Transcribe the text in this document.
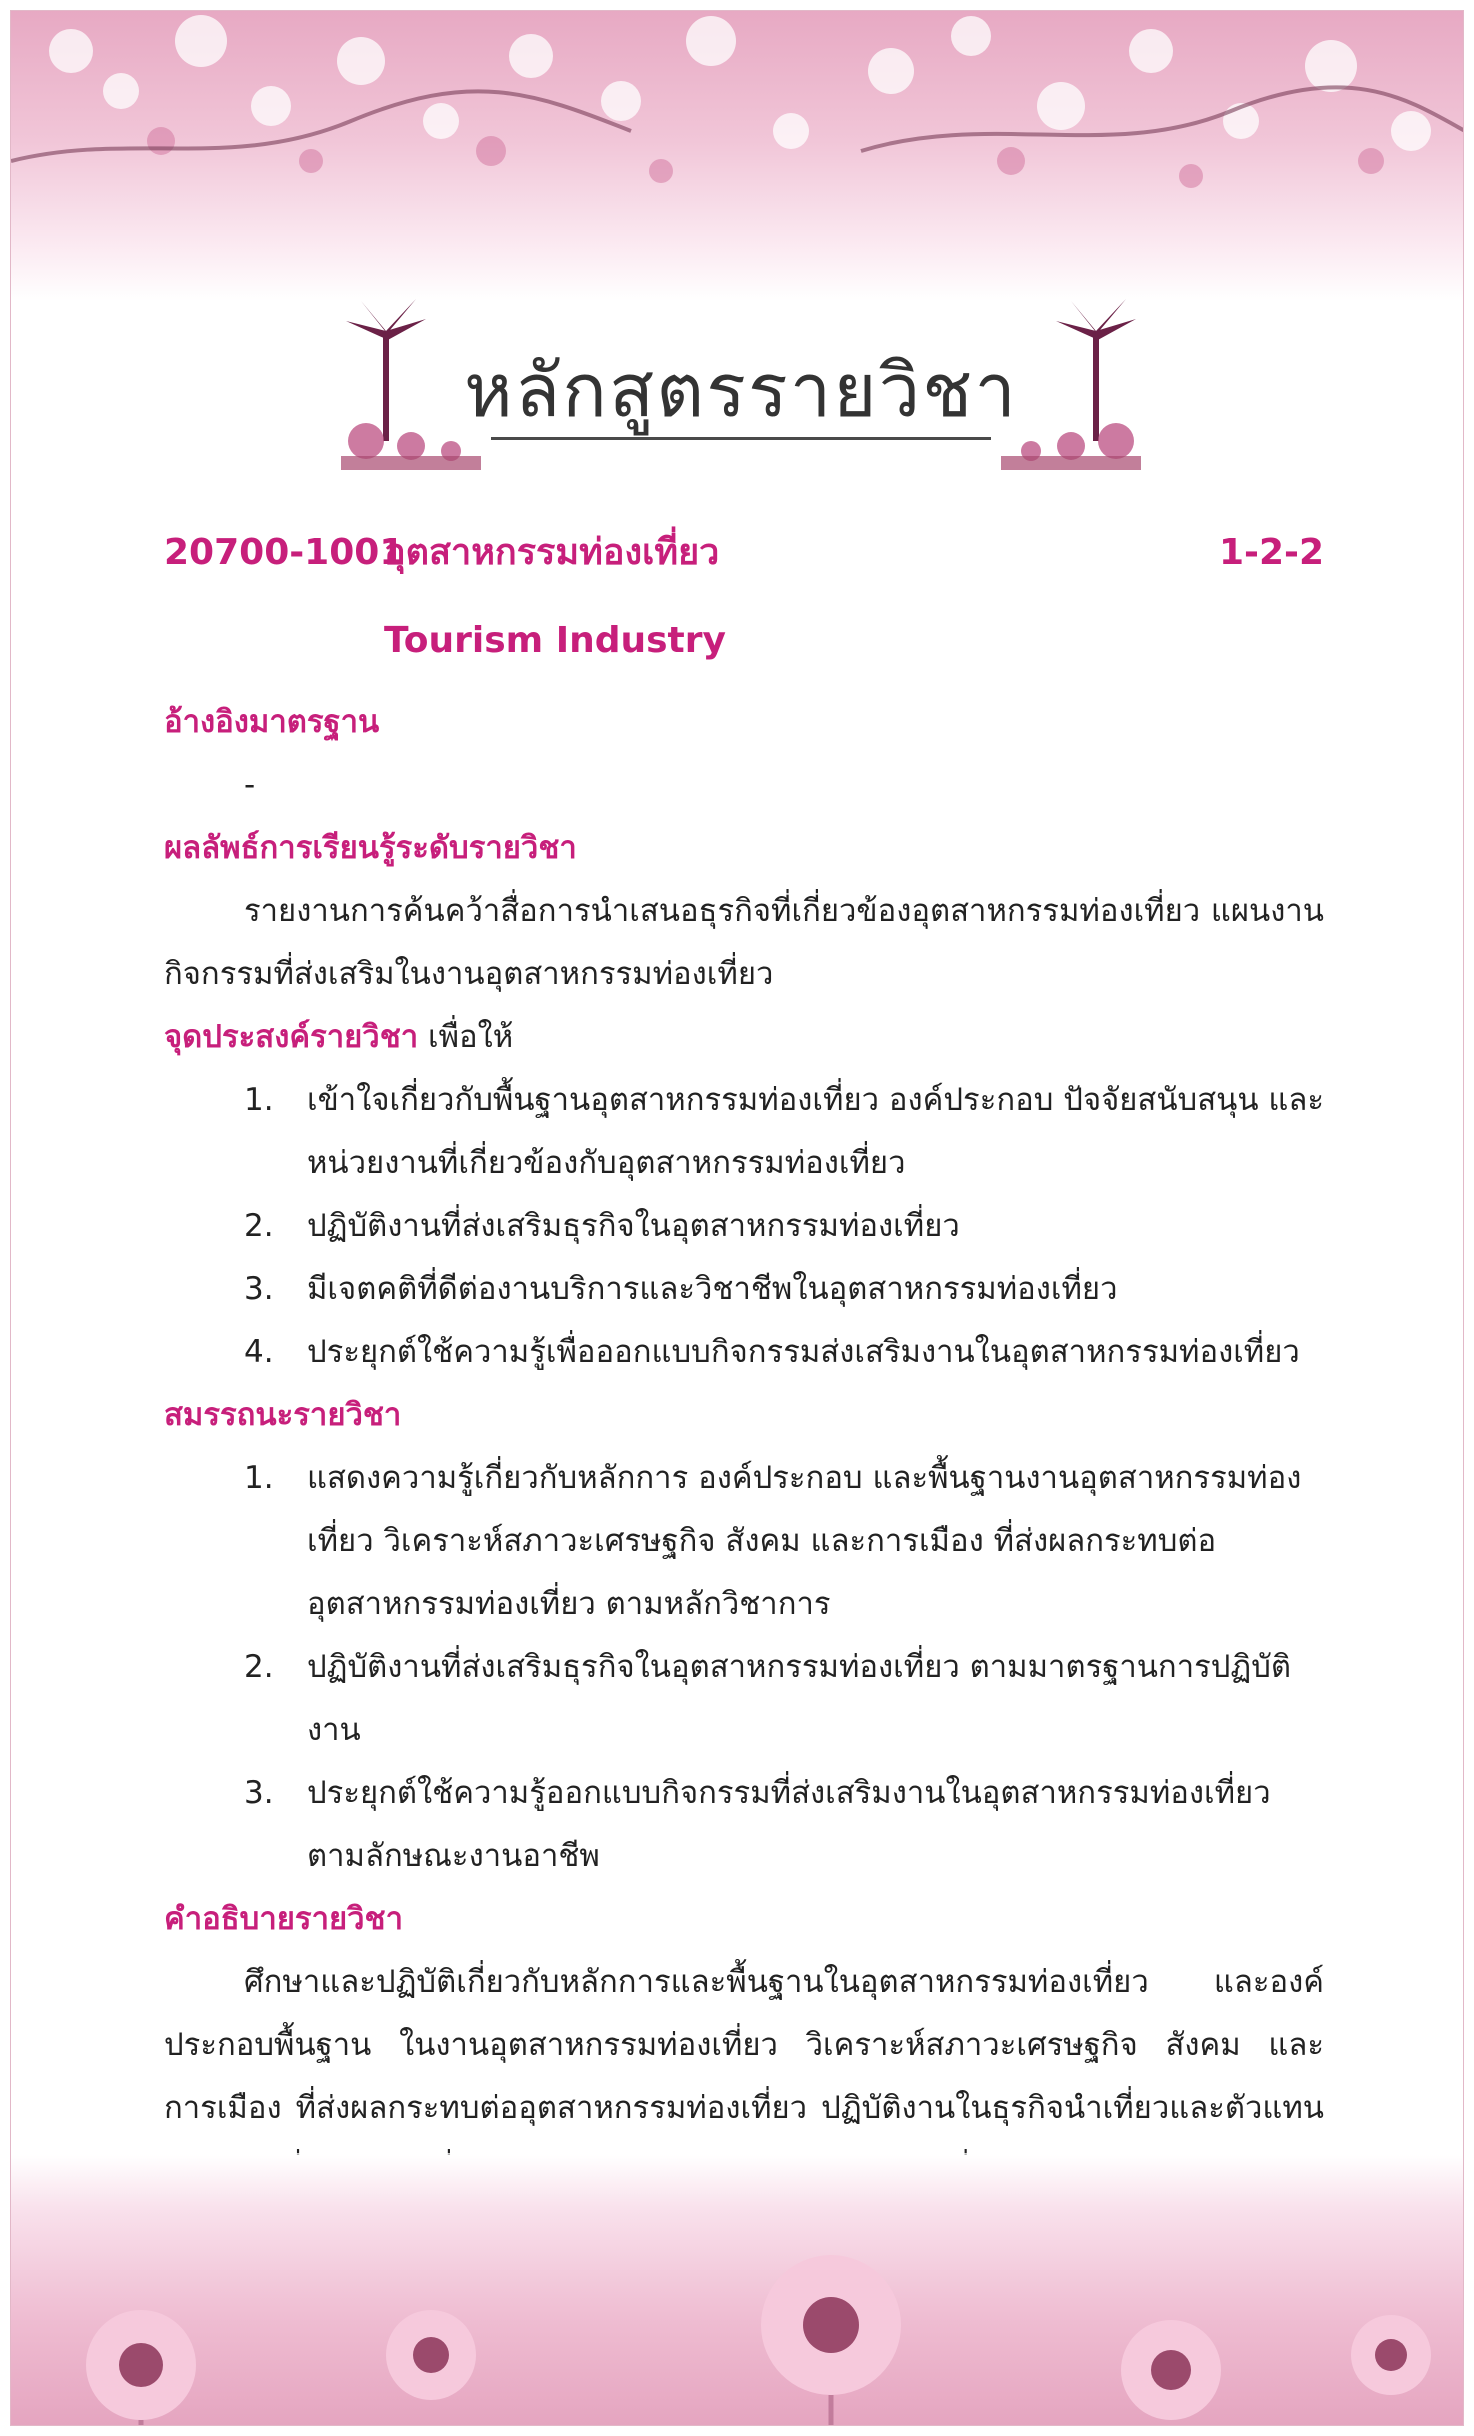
หลักสูตรรายวิชา
20700-1001
อุตสาหกรรมท่องเที่ยว	1-2-2
Tourism Industry
อ้างอิงมาตรฐาน
-
ผลลัพธ์การเรียนรู้ระดับรายวิชา
รายงานการค้นคว้าสื่อการนำเสนอธุรกิจที่เกี่ยวข้องอุตสาหกรรมท่องเที่ยว แผนงานกิจกรรมที่ส่งเสริมในงานอุตสาหกรรมท่องเที่ยว
จุดประสงค์รายวิชา เพื่อให้
1. เข้าใจเกี่ยวกับพื้นฐานอุตสาหกรรมท่องเที่ยว องค์ประกอบ ปัจจัยสนับสนุน และหน่วยงานที่เกี่ยวข้องกับอุตสาหกรรมท่องเที่ยว
2. ปฏิบัติงานที่ส่งเสริมธุรกิจในอุตสาหกรรมท่องเที่ยว
3. มีเจตคติที่ดีต่องานบริการและวิชาชีพในอุตสาหกรรมท่องเที่ยว
4. ประยุกต์ใช้ความรู้เพื่อออกแบบกิจกรรมส่งเสริมงานในอุตสาหกรรมท่องเที่ยว
สมรรถนะรายวิชา
1. แสดงความรู้เกี่ยวกับหลักการ องค์ประกอบ และพื้นฐานงานอุตสาหกรรมท่องเที่ยว วิเคราะห์สภาวะเศรษฐกิจ สังคม และการเมือง ที่ส่งผลกระทบต่ออุตสาหกรรมท่องเที่ยว ตามหลักวิชาการ
2. ปฏิบัติงานที่ส่งเสริมธุรกิจในอุตสาหกรรมท่องเที่ยว ตามมาตรฐานการปฏิบัติงาน
3. ประยุกต์ใช้ความรู้ออกแบบกิจกรรมที่ส่งเสริมงานในอุตสาหกรรมท่องเที่ยวตามลักษณะงานอาชีพ
คำอธิบายรายวิชา
ศึกษาและปฏิบัติเกี่ยวกับหลักการและพื้นฐานในอุตสาหกรรมท่องเที่ยว และองค์ประกอบพื้นฐาน ในงานอุตสาหกรรมท่องเที่ยว วิเคราะห์สภาวะเศรษฐกิจ สังคม และการเมือง ที่ส่งผลกระทบต่ออุตสาหกรรมท่องเที่ยว ปฏิบัติงานในธุรกิจนำเที่ยวและตัวแทน
